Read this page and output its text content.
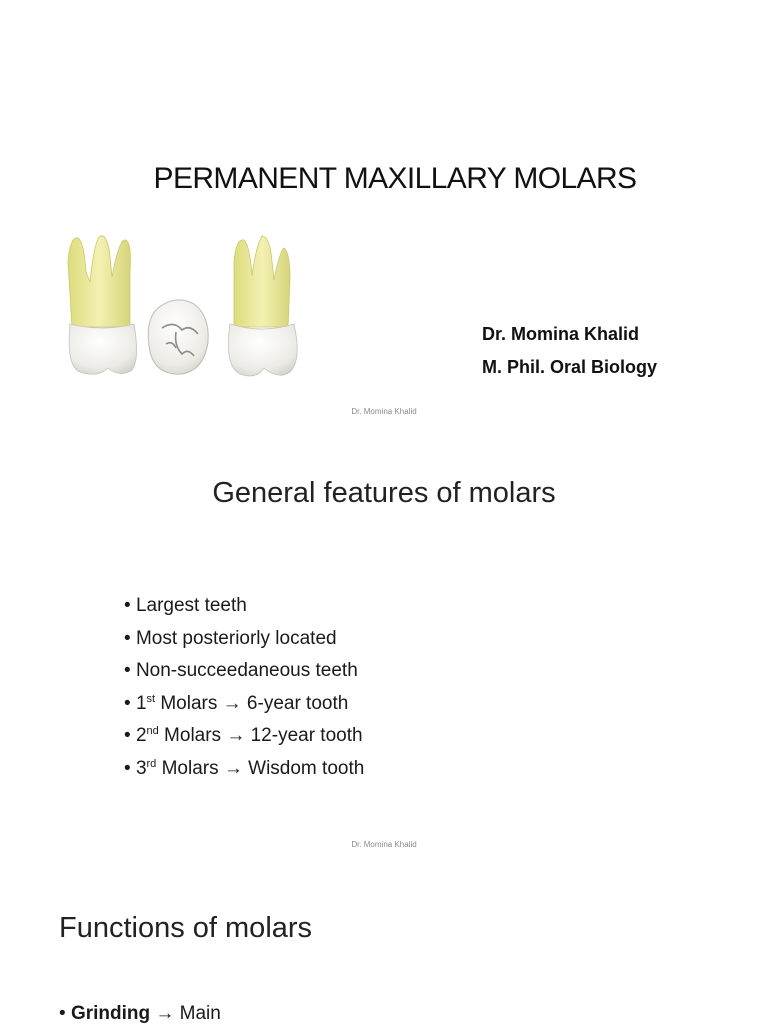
PERMANENT MAXILLARY MOLARS
Dr. Momina Khalid
M. Phil. Oral Biology
Dr. Momina Khalid
General features of molars
• Largest teeth
• Most posteriorly located
• Non-succeedaneous teeth
• 1st Molars → 6-year tooth
• 2nd Molars → 12-year tooth
• 3rd Molars → Wisdom tooth
Dr. Momina Khalid
Functions of molars
• Grinding → Main
